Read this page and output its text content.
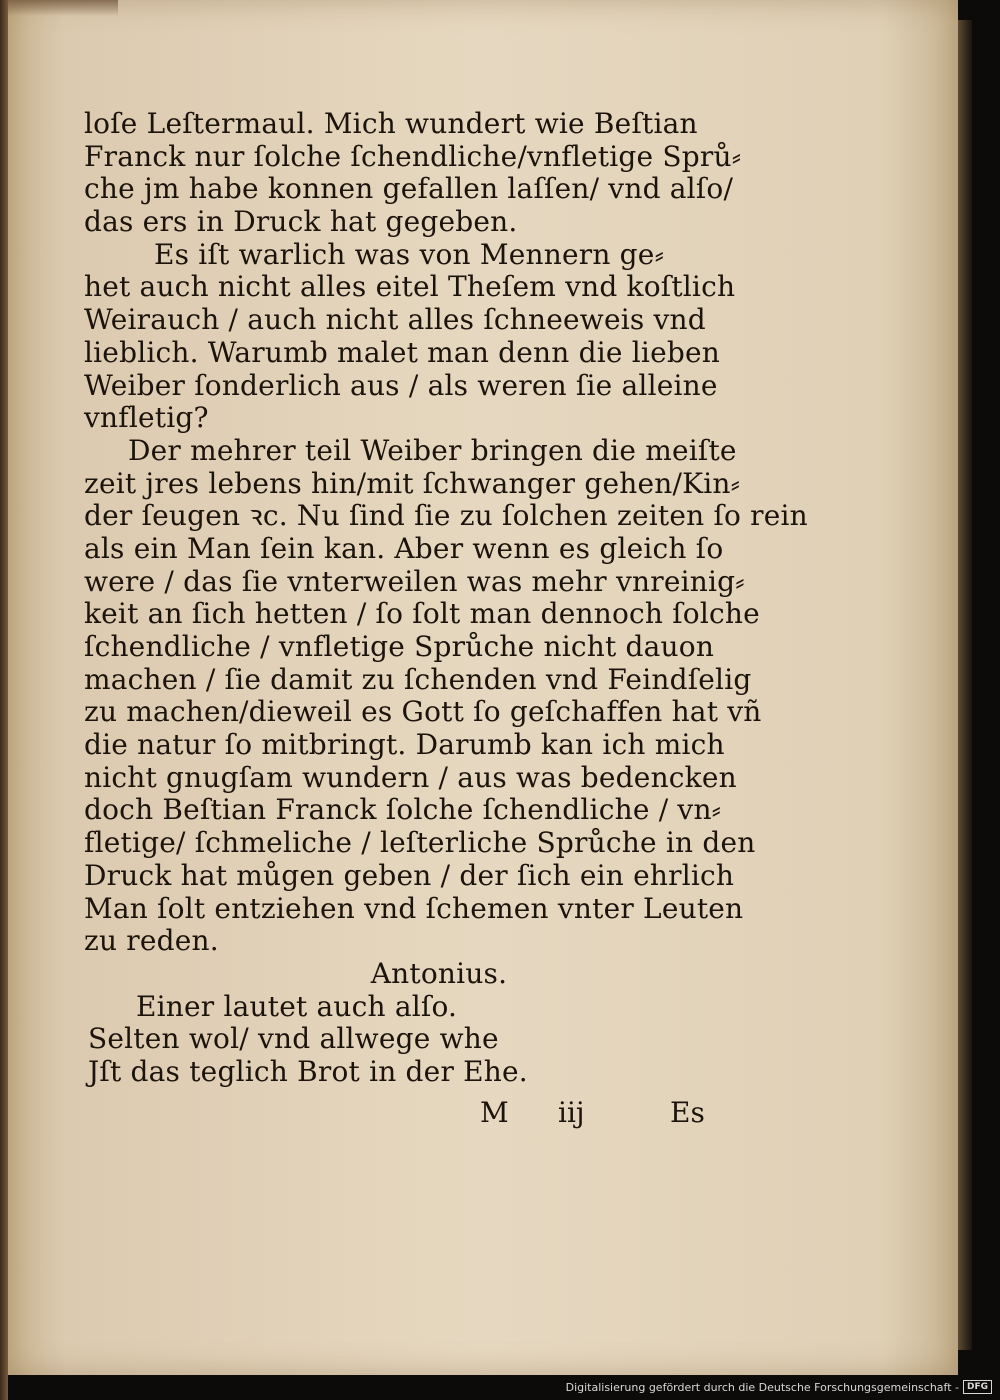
loſe Leſtermaul. Mich wundert wie Beſtian
Franck nur ſolche ſchendliche/vnfletige Sprů⸗
che jm habe konnen gefallen laſſen/ vnd alſo/
das ers in Druck hat gegeben.
Es iſt warlich was von Mennern ge⸗
het auch nicht alles eitel Theſem vnd koſtlich
Weirauch / auch nicht alles ſchneeweis vnd
lieblich. Warumb malet man denn die lieben
Weiber ſonderlich aus / als weren ſie alleine
vnfletig?
Der mehrer teil Weiber bringen die meiſte
zeit jres lebens hin/mit ſchwanger gehen/Kin⸗
der ſeugen ꝛc. Nu ſind ſie zu ſolchen zeiten ſo rein
als ein Man ſein kan. Aber wenn es gleich ſo
were / das ſie vnterweilen was mehr vnreinig⸗
keit an ſich hetten / ſo ſolt man dennoch ſolche
ſchendliche / vnfletige Sprůche nicht dauon
machen / ſie damit zu ſchenden vnd Feindſelig
zu machen/dieweil es Gott ſo geſchaffen hat vñ
die natur ſo mitbringt. Darumb kan ich mich
nicht gnugſam wundern / aus was bedencken
doch Beſtian Franck ſolche ſchendliche / vn⸗
fletige/ ſchmeliche / leſterliche Sprůche in den
Druck hat můgen geben / der ſich ein ehrlich
Man ſolt entziehen vnd ſchemen vnter Leuten
zu reden.
Antonius.
Einer lautet auch alſo.
Selten wol/ vnd allwege whe
Jſt das teglich Brot in der Ehe.
M iij	Es
Digitalisierung gefördert durch die Deutsche Forschungsgemeinschaft - DFG
